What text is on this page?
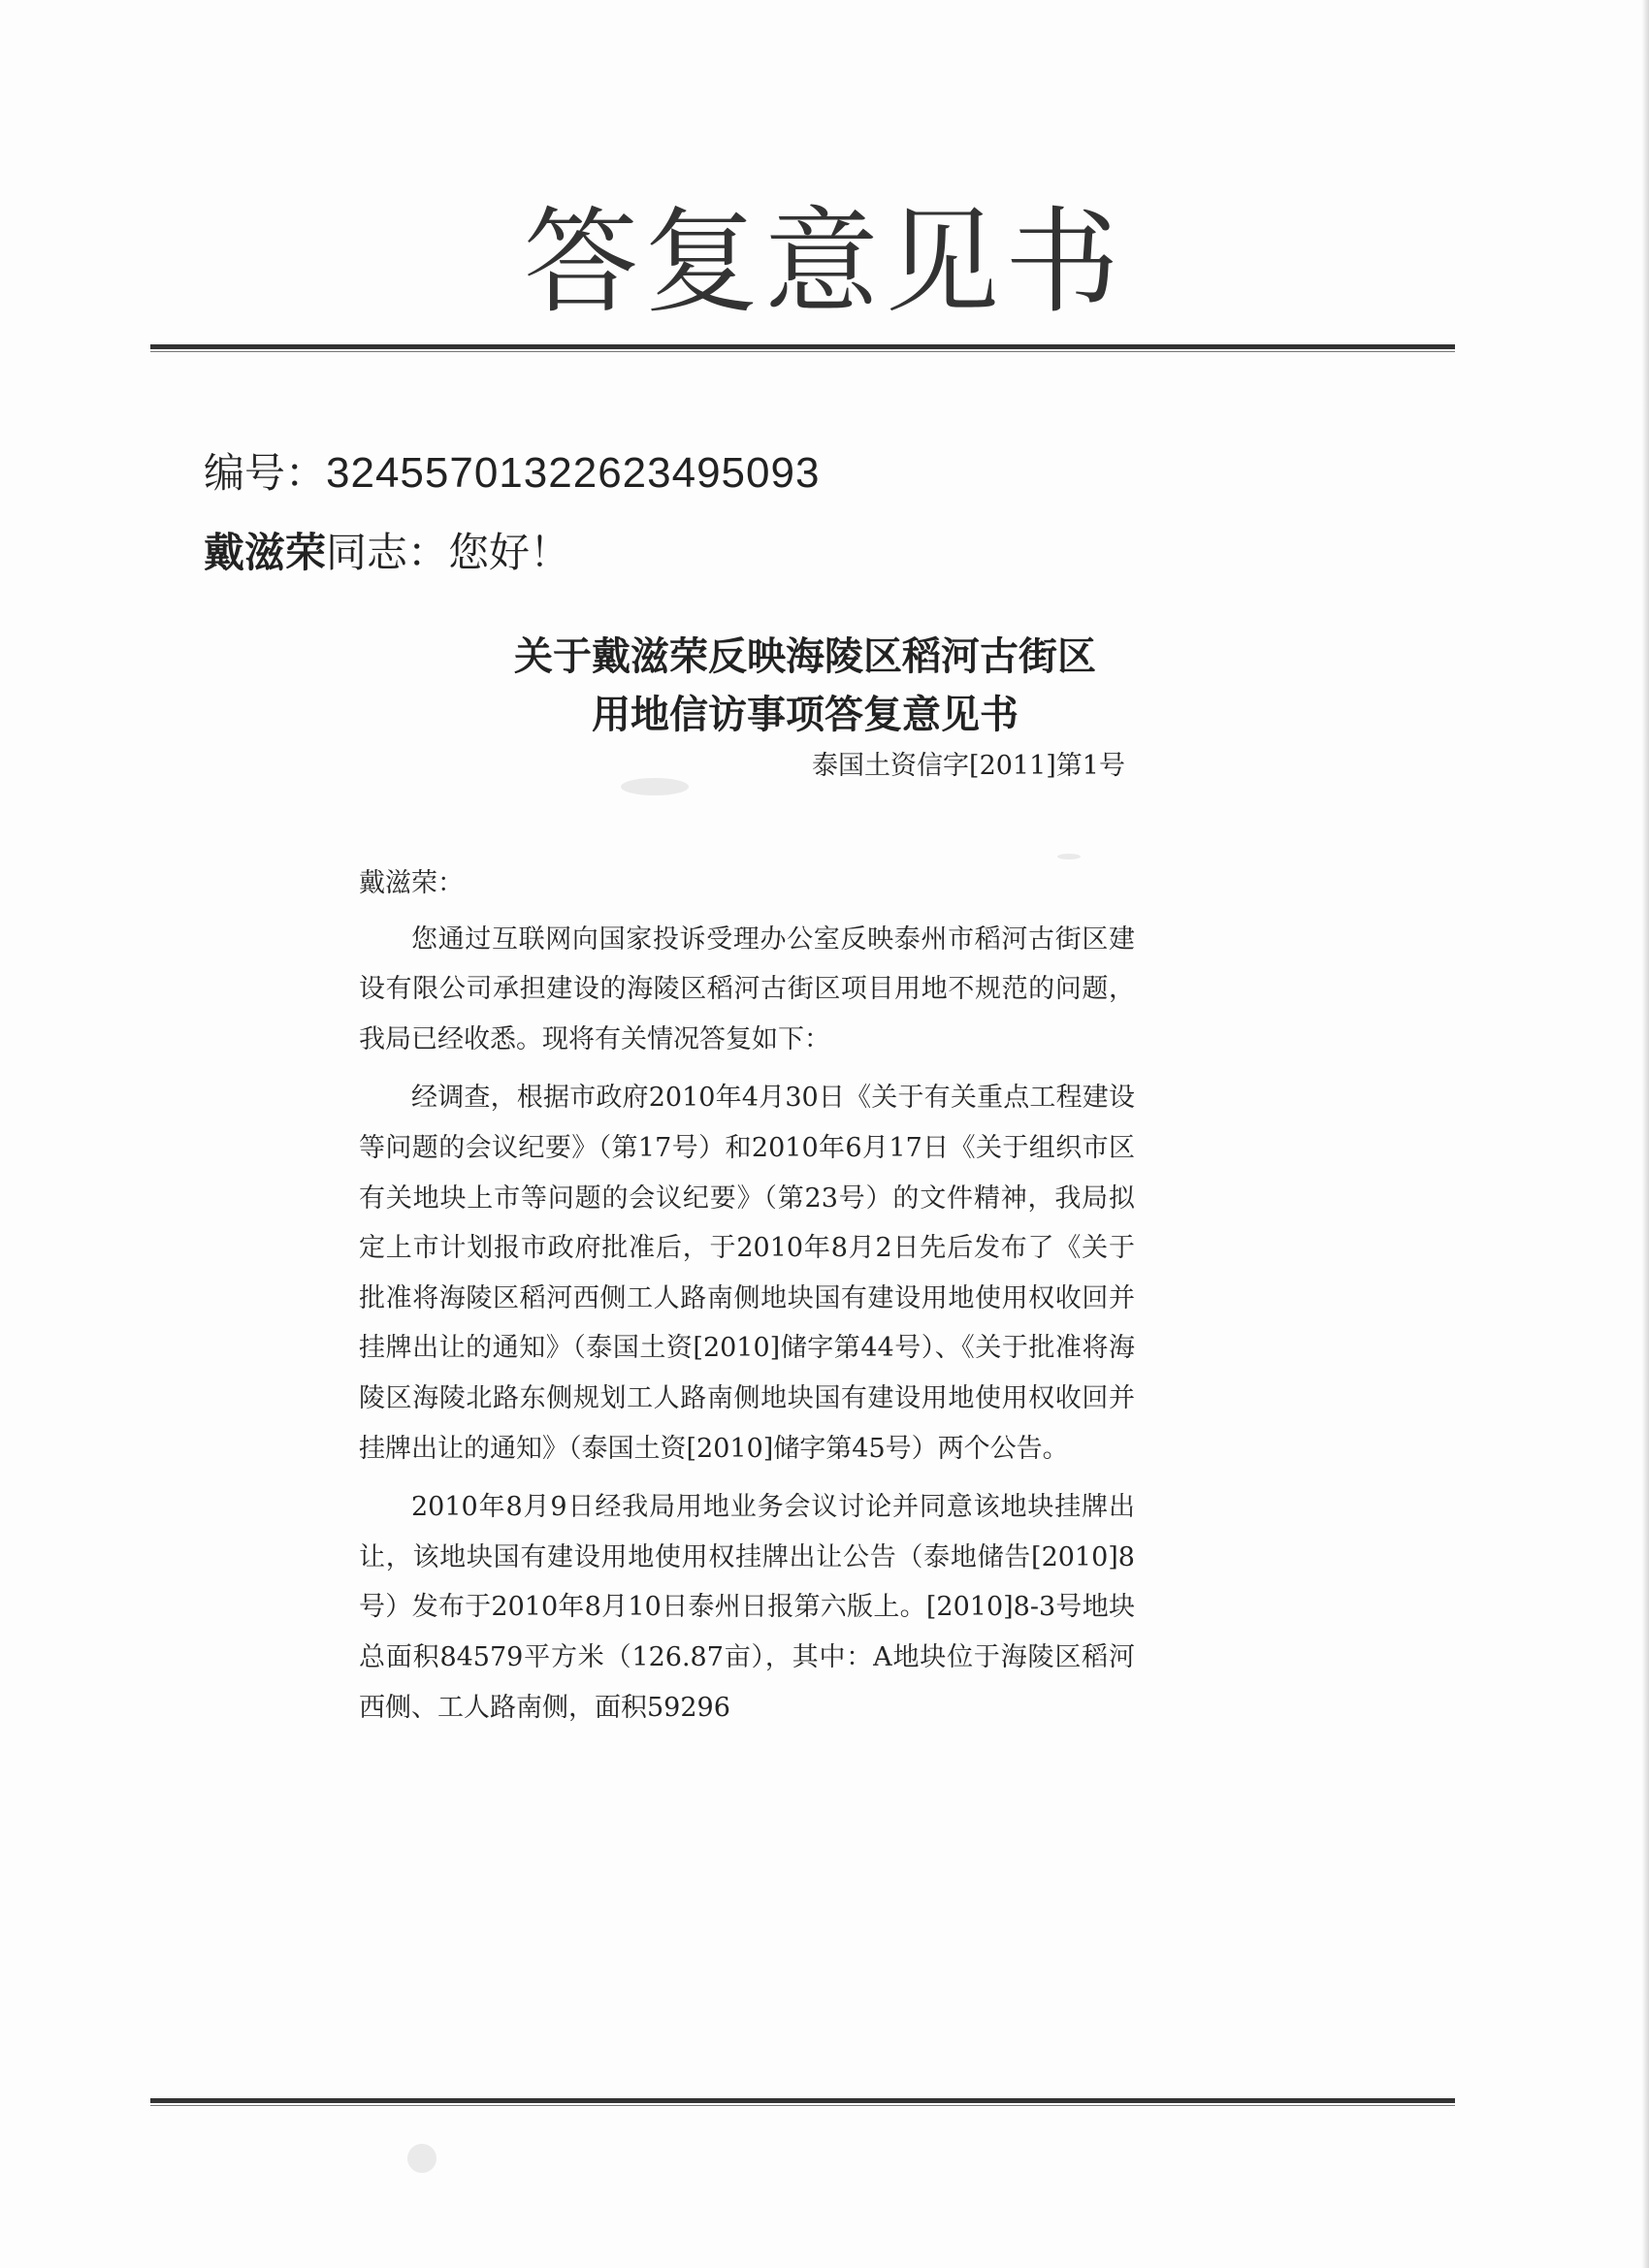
答复意见书
编号：3245570132262349509​3
戴滋荣同志：您好！
关于戴滋荣反映海陵区稻河古街区
用地信访事项答复意见书
泰国土资信字[2011]第1号

戴滋荣：

您通过互联网向国家投诉受理办公室反映泰州市稻河古街区建设有限公司承担建设的海陵区稻河古街区项目用地不规范的问题，我局已经收悉。现将有关情况答复如下：

经调查，根据市政府2010年4月30日《关于有关重点工程建设等问题的会议纪要》（第17号）和2010年6月17日《关于组织市区有关地块上市等问题的会议纪要》（第23号）的文件精神，我局拟定上市计划报市政府批准后，于2010年8月2日先后发布了《关于批准将海陵区稻河西侧工人路南侧地块国有建设用地使用权收回并挂牌出让的通知》（泰国土资[2010]储字第44号）、《关于批准将海陵区海陵北路东侧规划工人路南侧地块国有建设用地使用权收回并挂牌出让的通知》（泰国土资[2010]储字第45号）两个公告。

2010年8月9日经我局用地业务会议讨论并同意该地块挂牌出让，该地块国有建设用地使用权挂牌出让公告（泰地储告[2010]8号）发布于2010年8月10日泰州日报第六版上。[2010]8-3号地块总面积84579平方米（126.87亩），其中：A地块位于海陵区稻河西侧、工人路南侧，面积59296
